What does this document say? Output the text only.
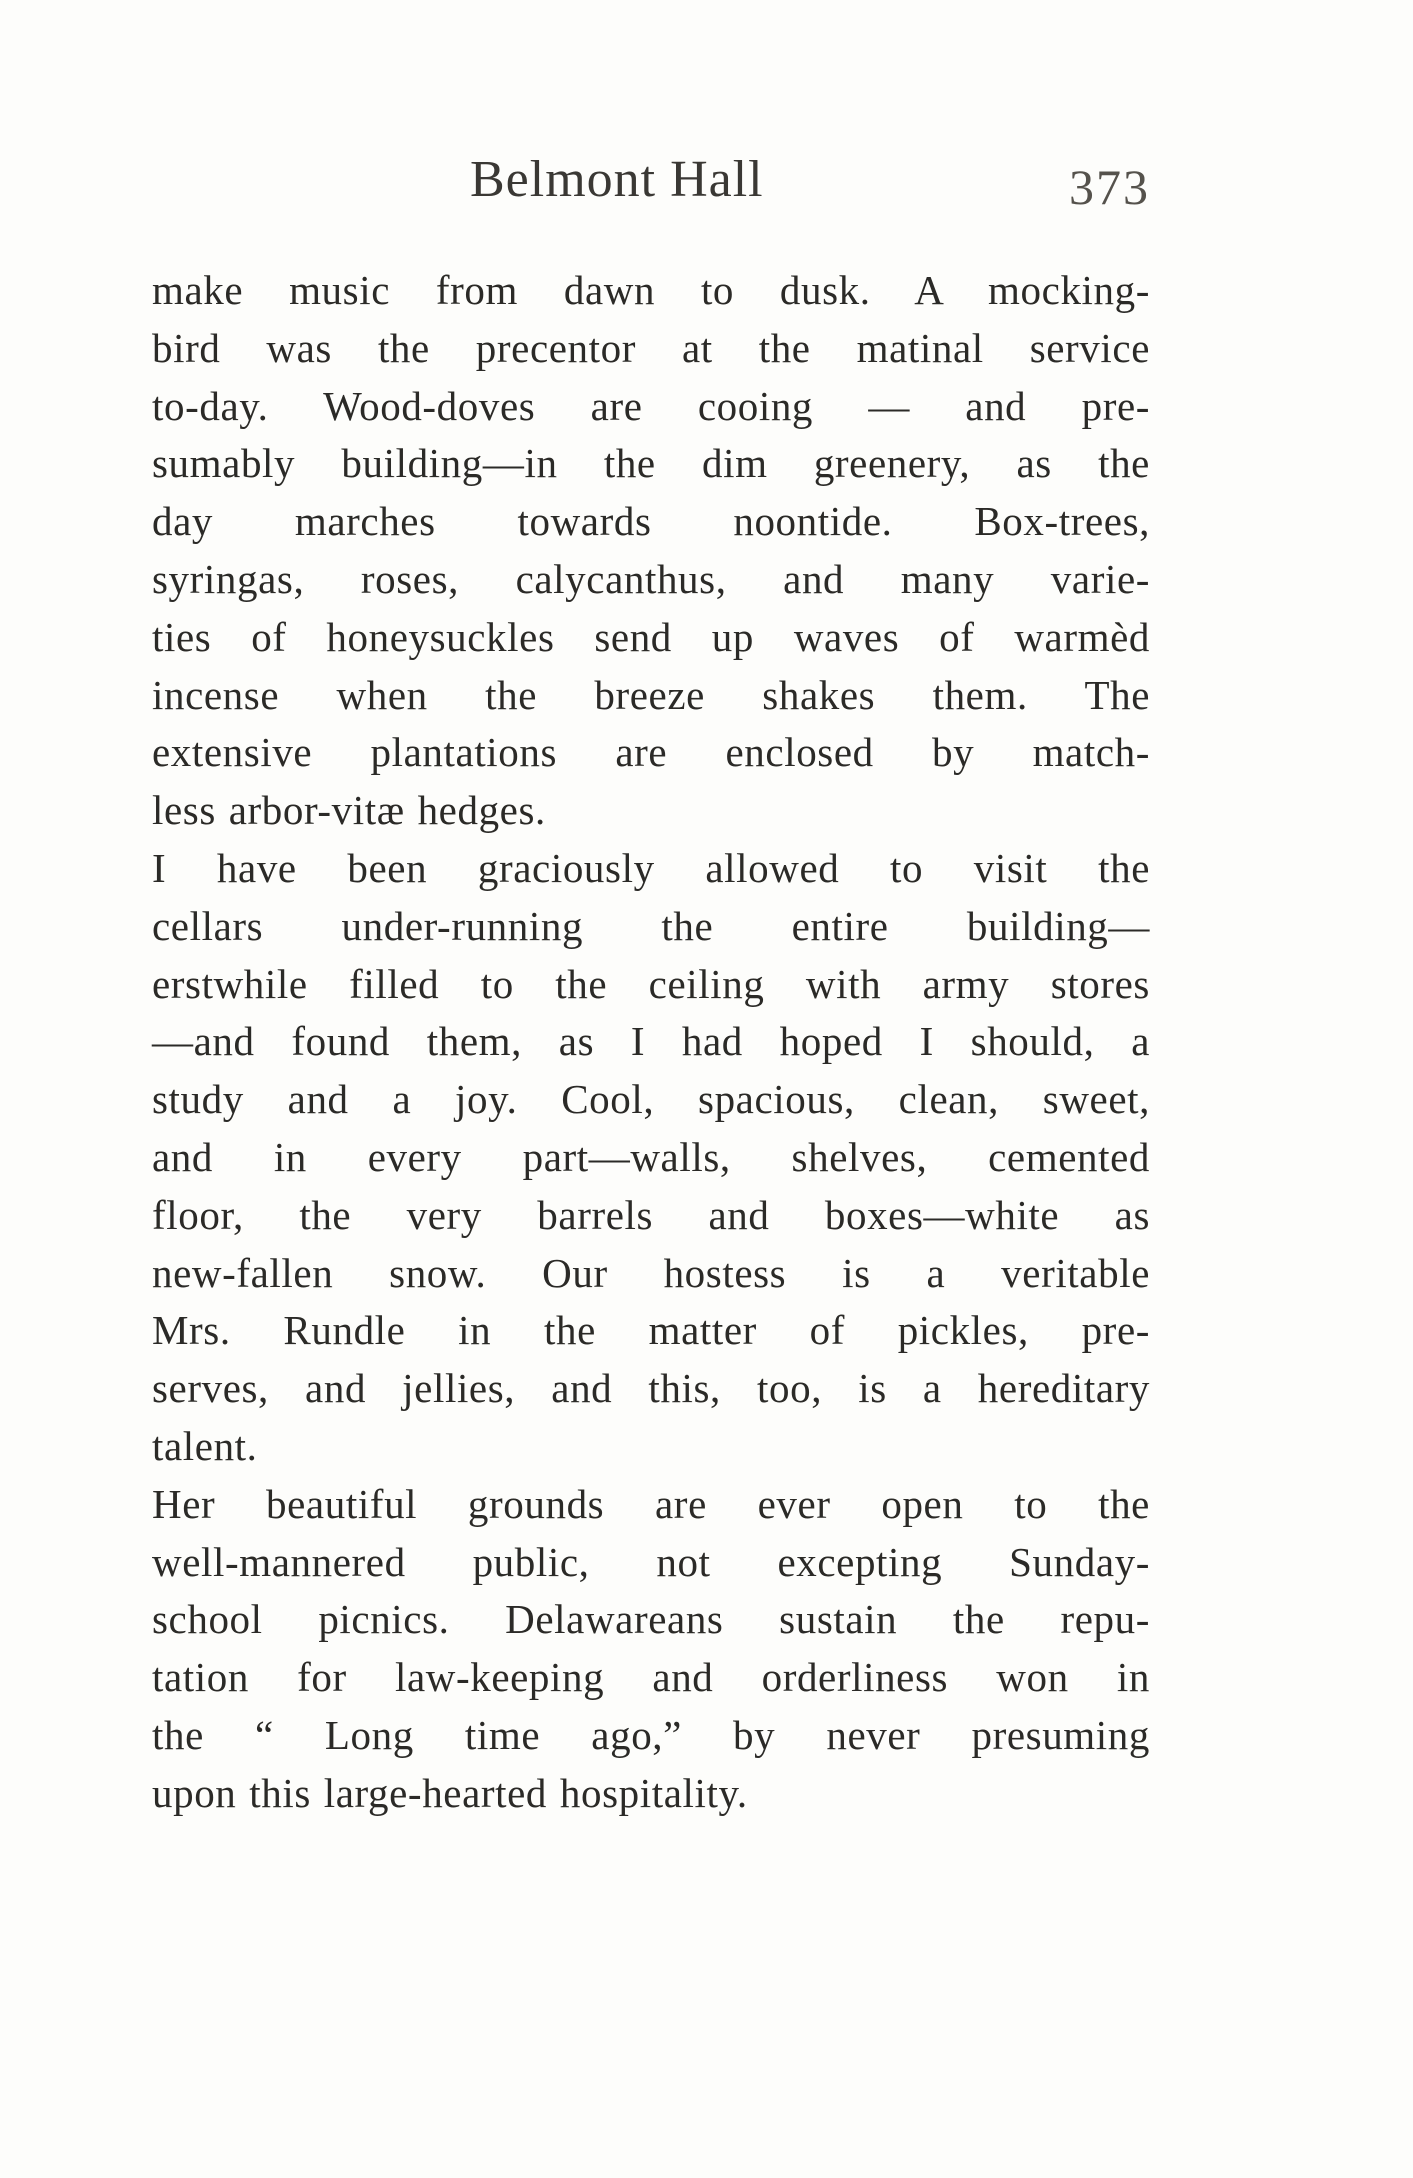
Belmont Hall	373
make music from dawn to dusk. A mocking-
bird was the precentor at the matinal service
to-day. Wood-doves are cooing — and pre-
sumably building—in the dim greenery, as the
day marches towards noontide. Box-trees,
syringas, roses, calycanthus, and many varie-
ties of honeysuckles send up waves of warmèd
incense when the breeze shakes them. The
extensive plantations are enclosed by match-
less arbor-vitæ hedges.
I have been graciously allowed to visit the
cellars under-running the entire building—
erstwhile filled to the ceiling with army stores
—and found them, as I had hoped I should, a
study and a joy. Cool, spacious, clean, sweet,
and in every part—walls, shelves, cemented
floor, the very barrels and boxes—white as
new-fallen snow. Our hostess is a veritable
Mrs. Rundle in the matter of pickles, pre-
serves, and jellies, and this, too, is a hereditary
talent.
Her beautiful grounds are ever open to the
well-mannered public, not excepting Sunday-
school picnics. Delawareans sustain the repu-
tation for law-keeping and orderliness won in
the “ Long time ago,” by never presuming
upon this large-hearted hospitality.
